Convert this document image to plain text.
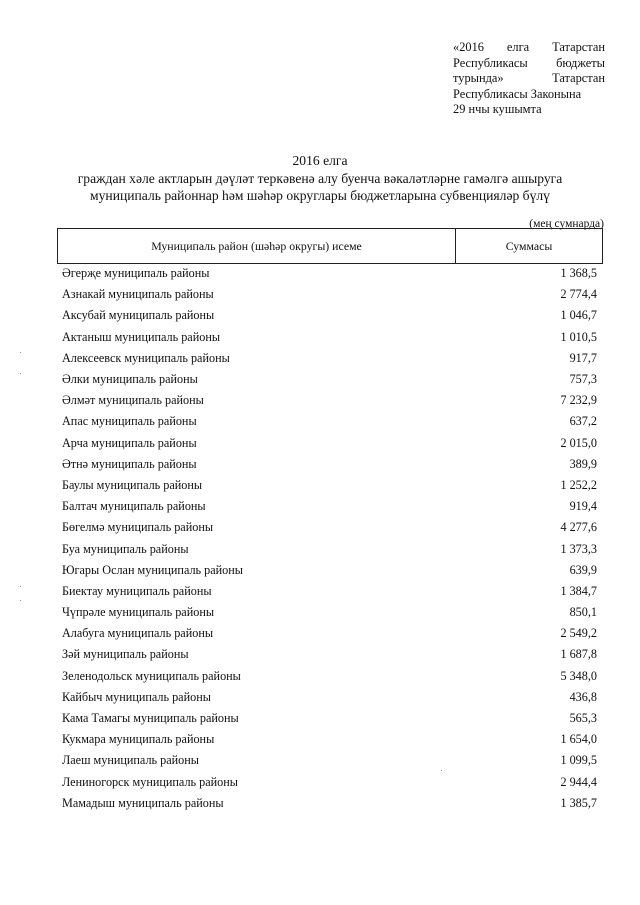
«2016 елга Татарстан
Республикасы бюджеты
турында» Татарстан
Республикасы Законына
29 нчы кушымта
2016 елга
граждан хәле актларын дәүләт теркәвенә алу буенча вәкаләтләрне гамәлгә ашыруга
муниципаль районнар һәм шәһәр округлары бюджетларына субвенцияләр бүлү
(мең сумнарда)
Муниципаль район (шәһәр округы) исеме	Суммасы
Әгерҗе муниципаль районы	1 368,5
Азнакай муниципаль районы	2 774,4
Аксубай муниципаль районы	1 046,7
Актаныш муниципаль районы	1 010,5
Алексеевск муниципаль районы	917,7
Әлки муниципаль районы	757,3
Әлмәт муниципаль районы	7 232,9
Апас муниципаль районы	637,2
Арча муниципаль районы	2 015,0
Әтнә муниципаль районы	389,9
Баулы муниципаль районы	1 252,2
Балтач муниципаль районы	919,4
Бөгелмә муниципаль районы	4 277,6
Буа муниципаль районы	1 373,3
Югары Ослан муниципаль районы	639,9
Биектау муниципаль районы	1 384,7
Чүпрәле муниципаль районы	850,1
Алабуга муниципаль районы	2 549,2
Зәй муниципаль районы	1 687,8
Зеленодольск муниципаль районы	5 348,0
Кайбыч муниципаль районы	436,8
Кама Тамагы муниципаль районы	565,3
Кукмара муниципаль районы	1 654,0
Лаеш муниципаль районы	1 099,5
Лениногорск муниципаль районы	2 944,4
Мамадыш муниципаль районы	1 385,7
